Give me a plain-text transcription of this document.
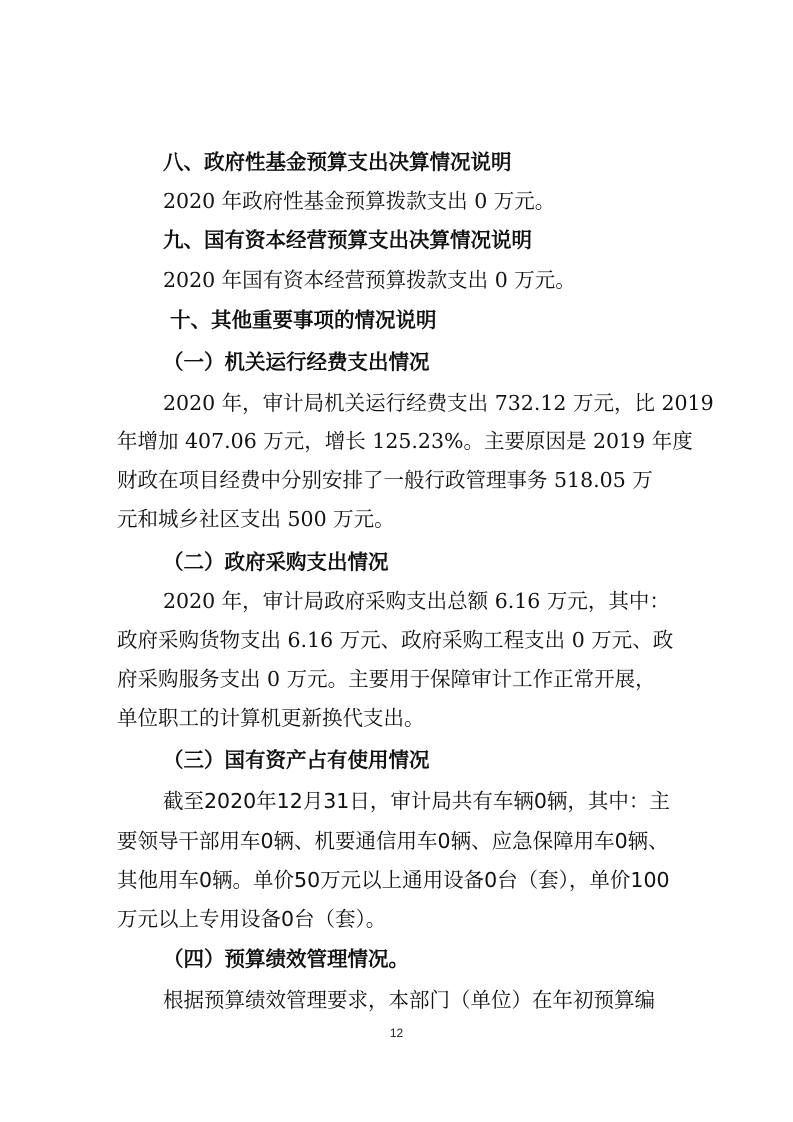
八、政府性基金预算支出决算情况说明
2020 年政府性基金预算拨款支出 0 万元。
九、国有资本经营预算支出决算情况说明
2020 年国有资本经营预算拨款支出 0 万元。
十、其他重要事项的情况说明
（一）机关运行经费支出情况
2020 年，审计局机关运行经费支出 732.12 万元，比 2019
年增加 407.06 万元，增长 125.23%。主要原因是 2019 年度
财政在项目经费中分别安排了一般行政管理事务 518.05 万
元和城乡社区支出 500 万元。
（二）政府采购支出情况
2020 年，审计局政府采购支出总额 6.16 万元，其中：
政府采购货物支出 6.16 万元、政府采购工程支出 0 万元、政
府采购服务支出 0 万元。主要用于保障审计工作正常开展，
单位职工的计算机更新换代支出。
（三）国有资产占有使用情况
截至2020年12月31日，审计局共有车辆0辆，其中：主
要领导干部用车0辆、机要通信用车0辆、应急保障用车0辆、
其他用车0辆。单价50万元以上通用设备0台（套），单价100
万元以上专用设备0台（套）。
（四）预算绩效管理情况。
根据预算绩效管理要求，本部门（单位）在年初预算编
12
